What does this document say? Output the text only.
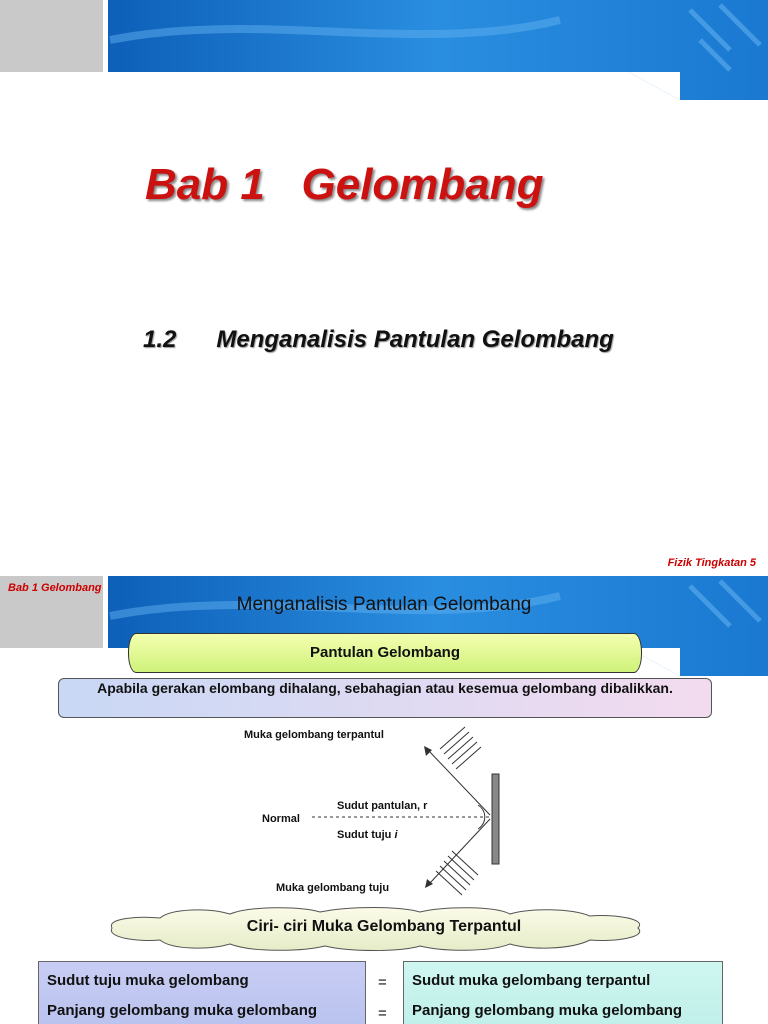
Bab 1   Gelombang
1.2      Menganalisis Pantulan Gelombang
Fizik Tingkatan 5
Bab 1 Gelombang
Menganalisis Pantulan Gelombang
Pantulan Gelombang
Apabila gerakan elombang dihalang, sebahagian atau kesemua gelombang dibalikkan.
Muka gelombang terpantul
Normal
Sudut pantulan, r
Sudut tuju i
Muka gelombang tuju
Ciri- ciri Muka Gelombang Terpantul
Sudut tuju muka gelombang
Panjang gelombang muka gelombang
=
=
Sudut muka gelombang terpantul
Panjang gelombang muka gelombang
